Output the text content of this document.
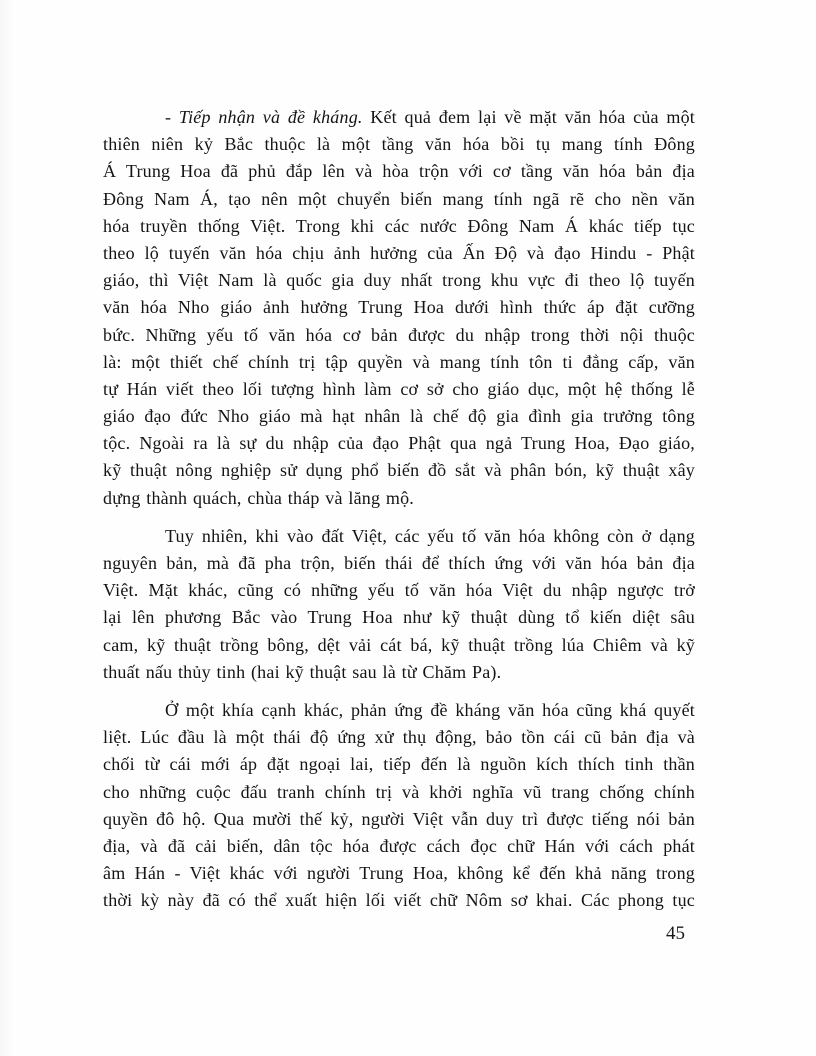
- Tiếp nhận và đề kháng. Kết quả đem lại về mặt văn hóa của một
thiên niên kỷ Bắc thuộc là một tầng văn hóa bồi tụ mang tính Đông
Á Trung Hoa đã phủ đắp lên và hòa trộn với cơ tầng văn hóa bản địa
Đông Nam Á, tạo nên một chuyển biến mang tính ngã rẽ cho nền văn
hóa truyền thống Việt. Trong khi các nước Đông Nam Á khác tiếp tục
theo lộ tuyến văn hóa chịu ảnh hưởng của Ấn Độ và đạo Hindu - Phật
giáo, thì Việt Nam là quốc gia duy nhất trong khu vực đi theo lộ tuyến
văn hóa Nho giáo ảnh hưởng Trung Hoa dưới hình thức áp đặt cưỡng
bức. Những yếu tố văn hóa cơ bản được du nhập trong thời nội thuộc
là: một thiết chế chính trị tập quyền và mang tính tôn ti đẳng cấp, văn
tự Hán viết theo lối tượng hình làm cơ sở cho giáo dục, một hệ thống lễ
giáo đạo đức Nho giáo mà hạt nhân là chế độ gia đình gia trưởng tông
tộc. Ngoài ra là sự du nhập của đạo Phật qua ngả Trung Hoa, Đạo giáo,
kỹ thuật nông nghiệp sử dụng phổ biến đồ sắt và phân bón, kỹ thuật xây
dựng thành quách, chùa tháp và lăng mộ.
Tuy nhiên, khi vào đất Việt, các yếu tố văn hóa không còn ở dạng
nguyên bản, mà đã pha trộn, biến thái để thích ứng với văn hóa bản địa
Việt. Mặt khác, cũng có những yếu tố văn hóa Việt du nhập ngược trở
lại lên phương Bắc vào Trung Hoa như kỹ thuật dùng tổ kiến diệt sâu
cam, kỹ thuật trồng bông, dệt vải cát bá, kỹ thuật trồng lúa Chiêm và kỹ
thuất nấu thủy tinh (hai kỹ thuật sau là từ Chăm Pa).
Ở một khía cạnh khác, phản ứng đề kháng văn hóa cũng khá quyết
liệt. Lúc đầu là một thái độ ứng xử thụ động, bảo tồn cái cũ bản địa và
chối từ cái mới áp đặt ngoại lai, tiếp đến là nguồn kích thích tinh thần
cho những cuộc đấu tranh chính trị và khởi nghĩa vũ trang chống chính
quyền đô hộ. Qua mười thế kỷ, người Việt vẫn duy trì được tiếng nói bản
địa, và đã cải biến, dân tộc hóa được cách đọc chữ Hán với cách phát
âm Hán - Việt khác với người Trung Hoa, không kể đến khả năng trong
thời kỳ này đã có thể xuất hiện lối viết chữ Nôm sơ khai. Các phong tục
45
